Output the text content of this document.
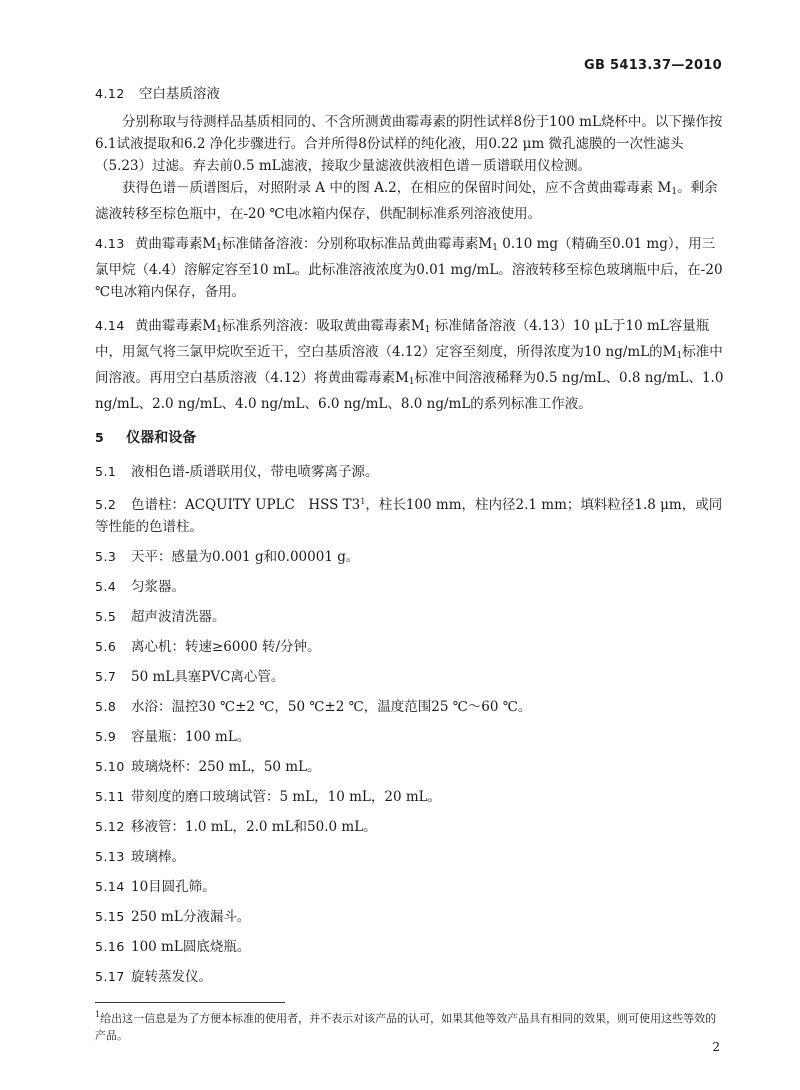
GB 5413.37—2010
4.12 空白基质溶液

分别称取与待测样品基质相同的、不含所测黄曲霉毒素的阴性试样8份于100 mL烧杯中。以下操作按6.1试液提取和6.2 净化步骤进行。合并所得8份试样的纯化液，用0.22 μm 微孔滤膜的一次性滤头（5.23）过滤。弃去前0.5 mL滤液，接取少量滤液供液相色谱－质谱联用仪检测。

获得色谱－质谱图后，对照附录 A 中的图 A.2，在相应的保留时间处，应不含黄曲霉毒素 $M_1$。剩余滤液转移至棕色瓶中，在-20 ℃电冰箱内保存，供配制标准系列溶液使用。

4.13 黄曲霉毒素$M_1$标准储备溶液：分别称取标准品黄曲霉毒素$M_1$ 0.10 mg（精确至0.01 mg），用三氯甲烷（4.4）溶解定容至10 mL。此标准溶液浓度为0.01 mg/mL。溶液转移至棕色玻璃瓶中后，在-20 ℃电冰箱内保存，备用。

4.14 黄曲霉毒素$M_1$标准系列溶液：吸取黄曲霉毒素$M_1$ 标准储备溶液（4.13）10 μL于10 mL容量瓶中，用氮气将三氯甲烷吹至近干，空白基质溶液（4.12）定容至刻度，所得浓度为10 ng/mL的$M_1$标准中间溶液。再用空白基质溶液（4.12）将黄曲霉毒素$M_1$标准中间溶液稀释为0.5 ng/mL、0.8 ng/mL、1.0 ng/mL、2.0 ng/mL、4.0 ng/mL、6.0 ng/mL、8.0 ng/mL的系列标准工作液。

5 仪器和设备

5.1 液相色谱-质谱联用仪，带电喷雾离子源。

5.2 色谱柱：ACQUITY UPLC　HSS $T3^1$，柱长100 mm，柱内径2.1 mm；填料粒径1.8 μm，或同等性能的色谱柱。

5.3 天平：感量为0.001 g和0.00001 g。

5.4 匀浆器。

5.5 超声波清洗器。

5.6 离心机：转速≥6000 转/分钟。

5.7 50 mL具塞PVC离心管。

5.8 水浴：温控30 ℃±2 ℃，50 ℃±2 ℃，温度范围25 ℃～60 ℃。

5.9 容量瓶：100 mL。

5.10 玻璃烧杯：250 mL，50 mL。

5.11 带刻度的磨口玻璃试管：5 mL，10 mL，20 mL。

5.12 移液管：1.0 mL，2.0 mL和50.0 mL。

5.13 玻璃棒。

5.14 10目圆孔筛。

5.15 250 mL分液漏斗。

5.16 100 mL圆底烧瓶。

5.17 旋转蒸发仪。

$^1$给出这一信息是为了方便本标准的使用者，并不表示对该产品的认可，如果其他等效产品具有相同的效果，则可使用这些等效的产品。
2
